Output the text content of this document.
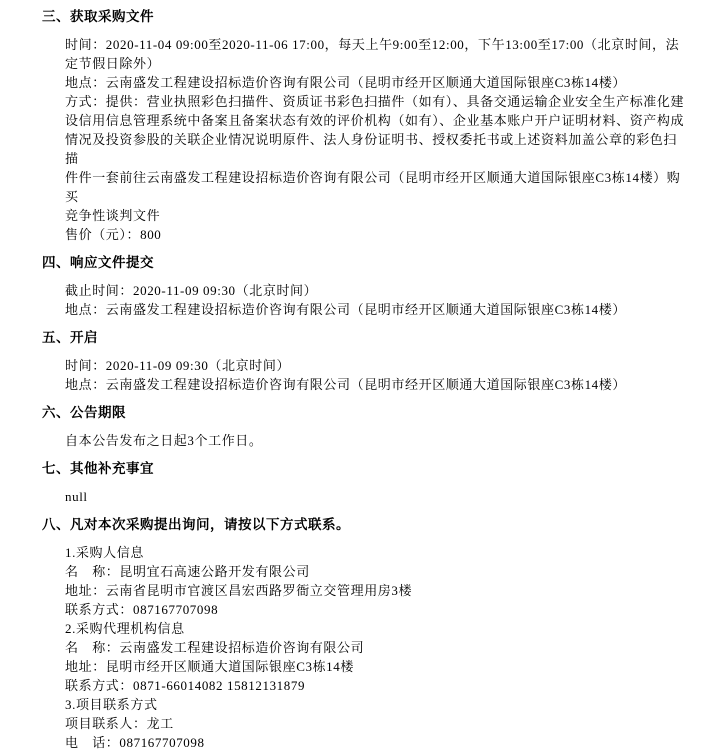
三、获取采购文件
时间：2020-11-04 09:00至2020-11-06 17:00，每天上午9:00至12:00，下午13:00至17:00（北京时间，法
定节假日除外）
地点：云南盛发工程建设招标造价咨询有限公司（昆明市经开区顺通大道国际银座C3栋14楼）
方式：提供：营业执照彩色扫描件、资质证书彩色扫描件（如有）、具备交通运输企业安全生产标准化建
设信用信息管理系统中备案且备案状态有效的评价机构（如有）、企业基本账户开户证明材料、资产构成
情况及投资参股的关联企业情况说明原件、法人身份证明书、授权委托书或上述资料加盖公章的彩色扫描
件件一套前往云南盛发工程建设招标造价咨询有限公司（昆明市经开区顺通大道国际银座C3栋14楼）购买
竞争性谈判文件
售价（元）：800
四、响应文件提交
截止时间：2020-11-09 09:30（北京时间）
地点：云南盛发工程建设招标造价咨询有限公司（昆明市经开区顺通大道国际银座C3栋14楼）
五、开启
时间：2020-11-09 09:30（北京时间）
地点：云南盛发工程建设招标造价咨询有限公司（昆明市经开区顺通大道国际银座C3栋14楼）
六、公告期限
自本公告发布之日起3个工作日。
七、其他补充事宜
null
八、凡对本次采购提出询问，请按以下方式联系。
1.采购人信息
名　称：昆明宜石高速公路开发有限公司
地址：云南省昆明市官渡区昌宏西路罗衙立交管理用房3楼
联系方式：087167707098
2.采购代理机构信息
名　称：云南盛发工程建设招标造价咨询有限公司
地址：昆明市经开区顺通大道国际银座C3栋14楼
联系方式：0871-66014082 15812131879
3.项目联系方式
项目联系人：龙工
电　话：087167707098
